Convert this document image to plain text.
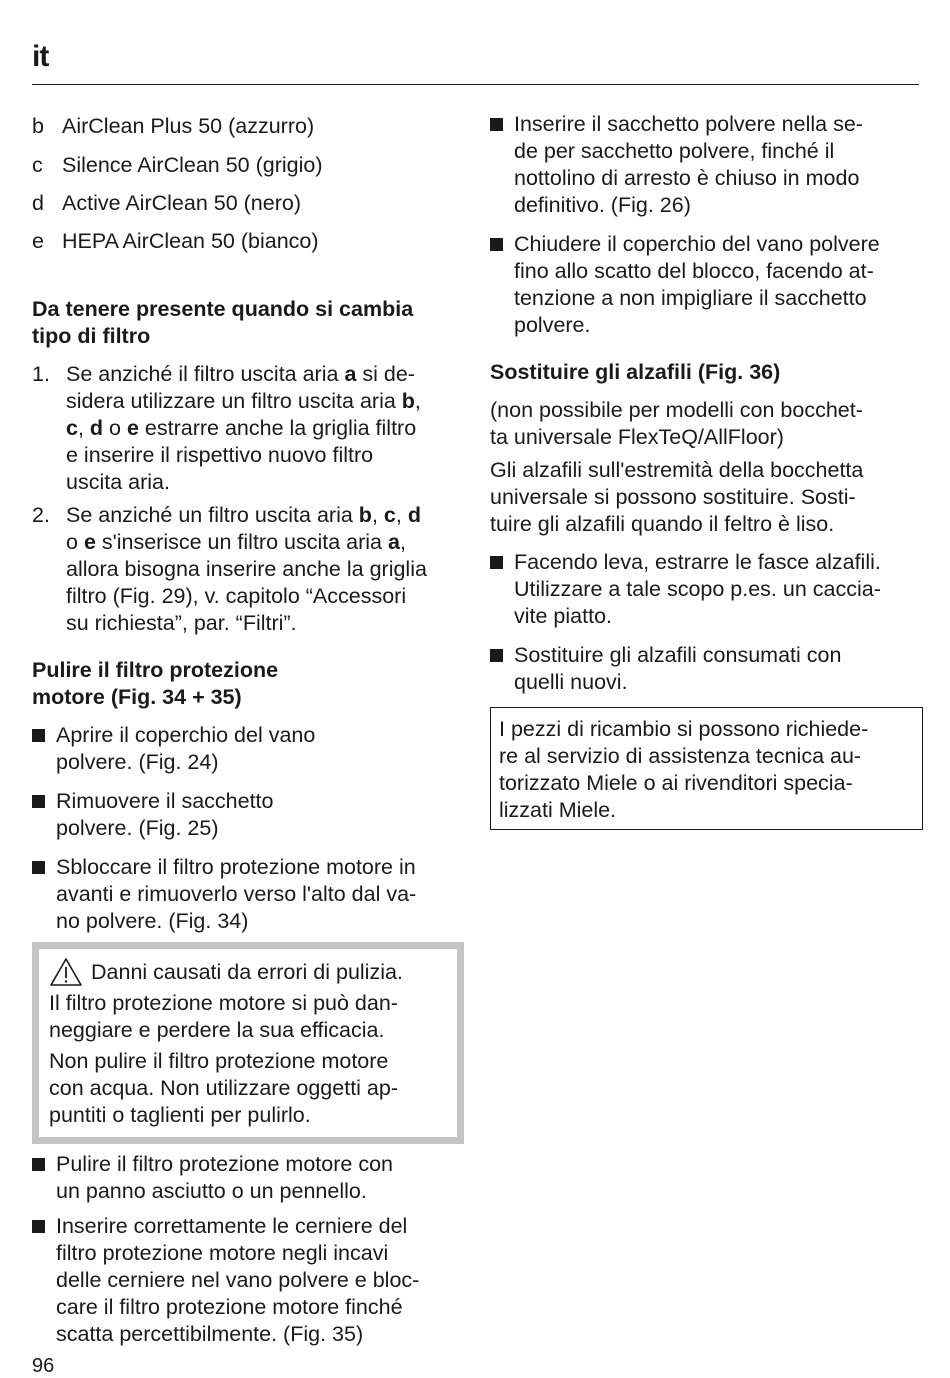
it
b AirClean Plus 50 (azzurro)
c Silence AirClean 50 (grigio)
d Active AirClean 50 (nero)
e HEPA AirClean 50 (bianco)
Da tenere presente quando si cambia
tipo di filtro
1. Se anziché il filtro uscita aria a si de-
sidera utilizzare un filtro uscita aria b,
c, d o e estrarre anche la griglia filtro
e inserire il rispettivo nuovo filtro
uscita aria.
2. Se anziché un filtro uscita aria b, c, d
o e s'inserisce un filtro uscita aria a,
allora bisogna inserire anche la griglia
filtro (Fig. 29), v. capitolo “Accessori
su richiesta”, par. “Filtri”.
Pulire il filtro protezione
motore (Fig. 34 + 35)
Aprire il coperchio del vano
polvere. (Fig. 24)
Rimuovere il sacchetto
polvere. (Fig. 25)
Sbloccare il filtro protezione motore in
avanti e rimuoverlo verso l'alto dal va-
no polvere. (Fig. 34)
Pulire il filtro protezione motore con
un panno asciutto o un pennello.
Inserire correttamente le cerniere del
filtro protezione motore negli incavi
delle cerniere nel vano polvere e bloc-
care il filtro protezione motore finché
scatta percettibilmente. (Fig. 35)
Danni causati da errori di pulizia.
Il filtro protezione motore si può dan-
neggiare e perdere la sua efficacia.
Non pulire il filtro protezione motore
con acqua. Non utilizzare oggetti ap-
puntiti o taglienti per pulirlo.
Inserire il sacchetto polvere nella se-
de per sacchetto polvere, finché il
nottolino di arresto è chiuso in modo
definitivo. (Fig. 26)
Chiudere il coperchio del vano polvere
fino allo scatto del blocco, facendo at-
tenzione a non impigliare il sacchetto
polvere.
Sostituire gli alzafili (Fig. 36)
(non possibile per modelli con bocchet-
ta universale FlexTeQ/AllFloor)
Gli alzafili sull'estremità della bocchetta
universale si possono sostituire. Sosti-
tuire gli alzafili quando il feltro è liso.
Facendo leva, estrarre le fasce alzafili.
Utilizzare a tale scopo p.es. un caccia-
vite piatto.
Sostituire gli alzafili consumati con
quelli nuovi.
I pezzi di ricambio si possono richiede-
re al servizio di assistenza tecnica au-
torizzato Miele o ai rivenditori specia-
lizzati Miele.
96
